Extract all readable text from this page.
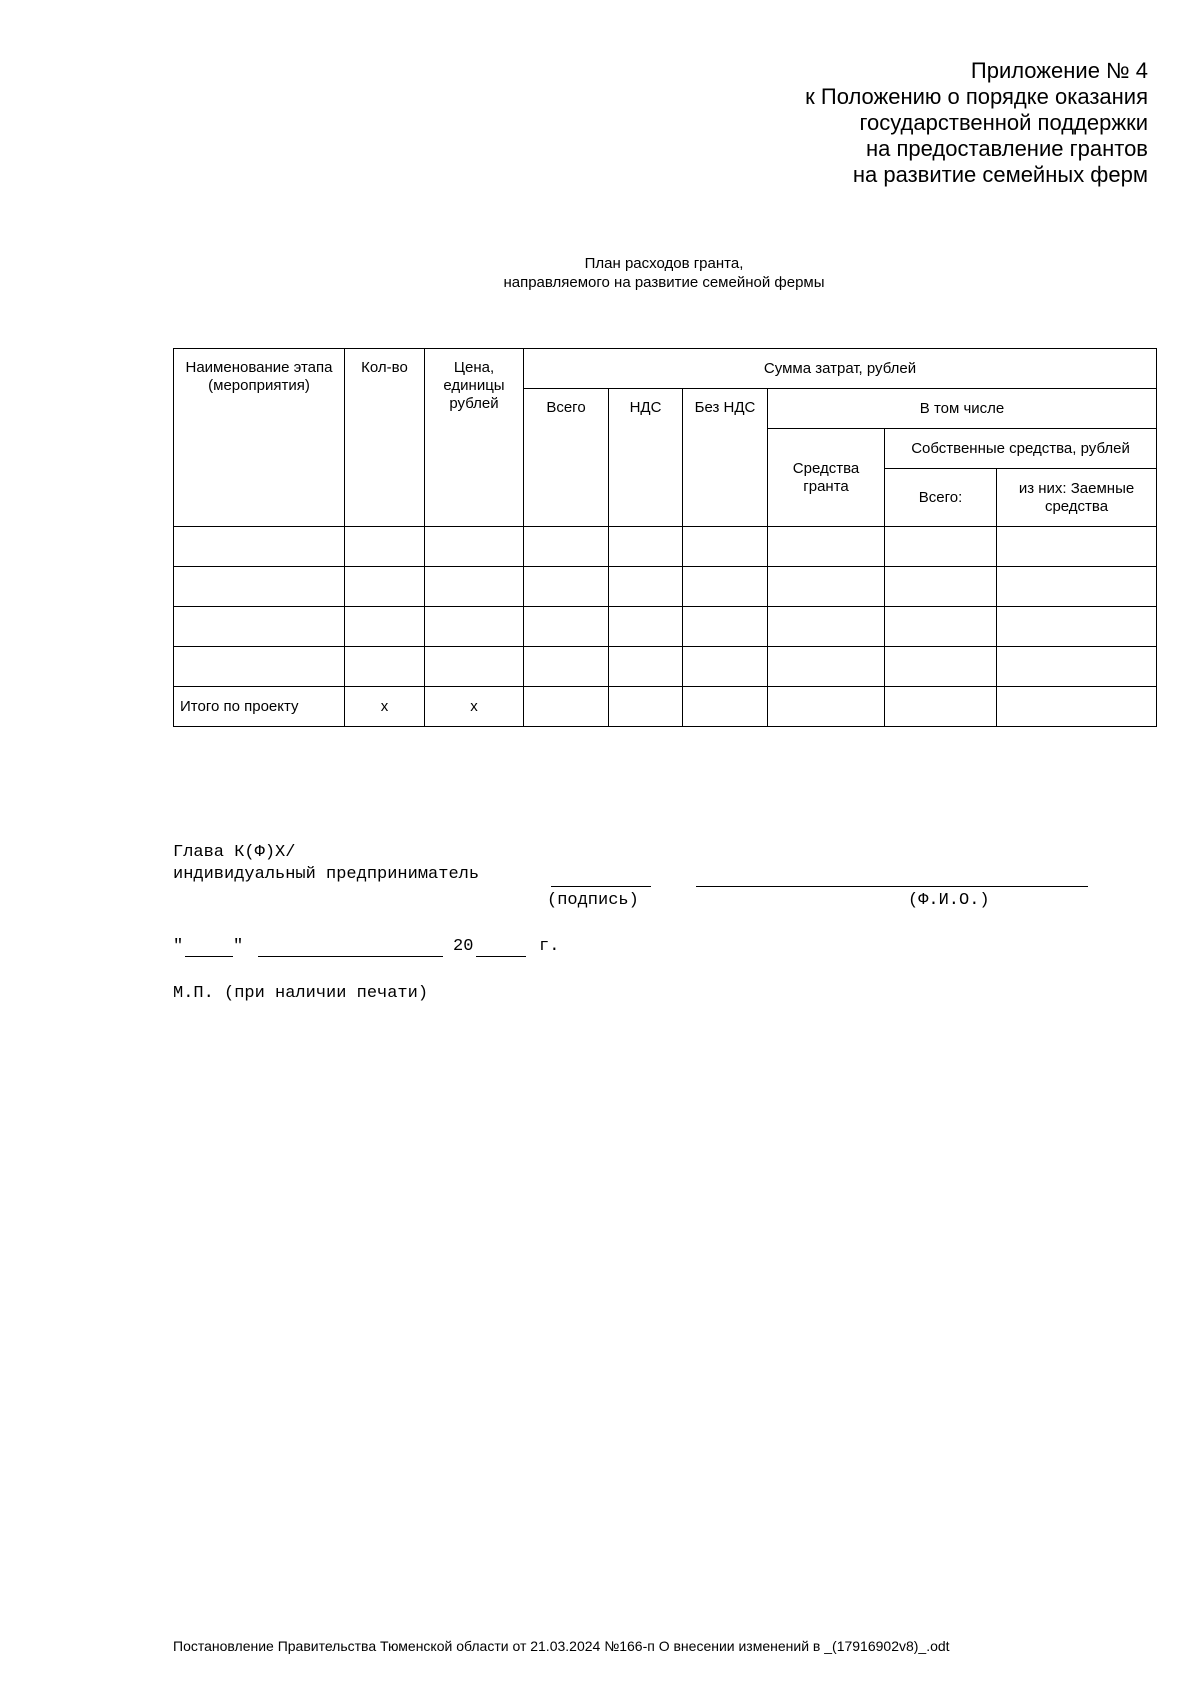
Приложение № 4
к Положению о порядке оказания
государственной поддержки
на предоставление грантов
на развитие семейных ферм
План расходов гранта,
направляемого на развитие семейной фермы
Наименование этапа (мероприятия)	Кол-во	Цена, единицы рублей	Сумма затрат, рублей					
			Всего	НДС	Без НДС	В том числе		
						Средства гранта	Собственные средства, рублей	
							Всего:	из них: Заемные средства

Итого по проекту	x	x						
Глава К(Ф)Х/
индивидуальный предприниматель
(подпись)	(Ф.И.О.)
"	"	20	г.
М.П. (при наличии печати)
Постановление Правительства Тюменской области от 21.03.2024 №166-п О внесении изменений в _(17916902v8)_.odt
